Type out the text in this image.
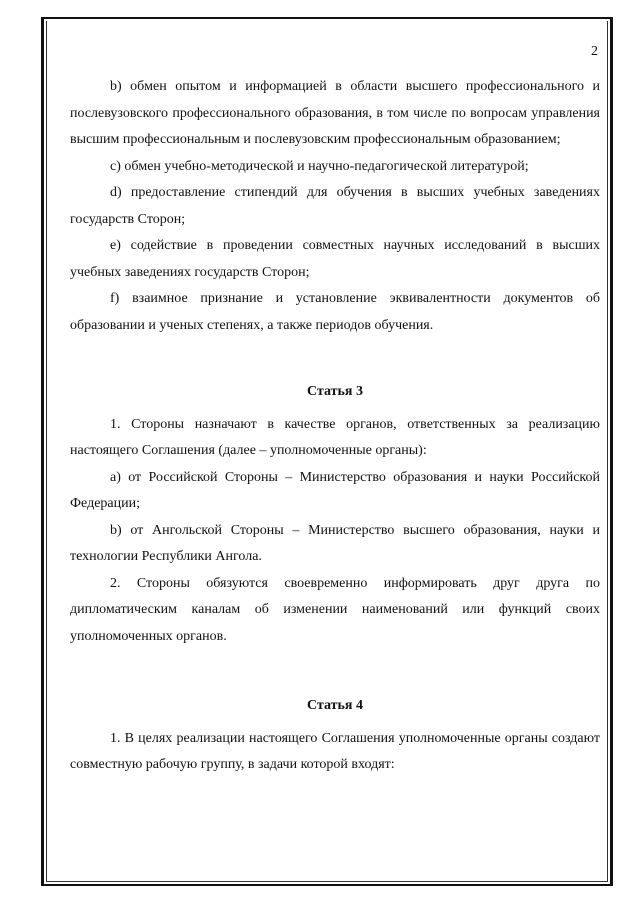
2

b) обмен опытом и информацией в области высшего профессионального и послевузовского профессионального образования, в том числе по вопросам управления высшим профессиональным и послевузовским профессиональным образованием;

c) обмен учебно-методической и научно-педагогической литературой;

d) предоставление стипендий для обучения в высших учебных заведениях государств Сторон;

e) содействие в проведении совместных научных исследований в высших учебных заведениях государств Сторон;

f) взаимное признание и установление эквивалентности документов об образовании и ученых степенях, а также периодов обучения.

Статья 3

1. Стороны назначают в качестве органов, ответственных за реализацию настоящего Соглашения (далее – уполномоченные органы):

a) от Российской Стороны – Министерство образования и науки Российской Федерации;

b) от Ангольской Стороны – Министерство высшего образования, науки и технологии Республики Ангола.

2. Стороны обязуются своевременно информировать друг друга по дипломатическим каналам об изменении наименований или функций своих уполномоченных органов.

Статья 4

1. В целях реализации настоящего Соглашения уполномоченные органы создают совместную рабочую группу, в задачи которой входят:
